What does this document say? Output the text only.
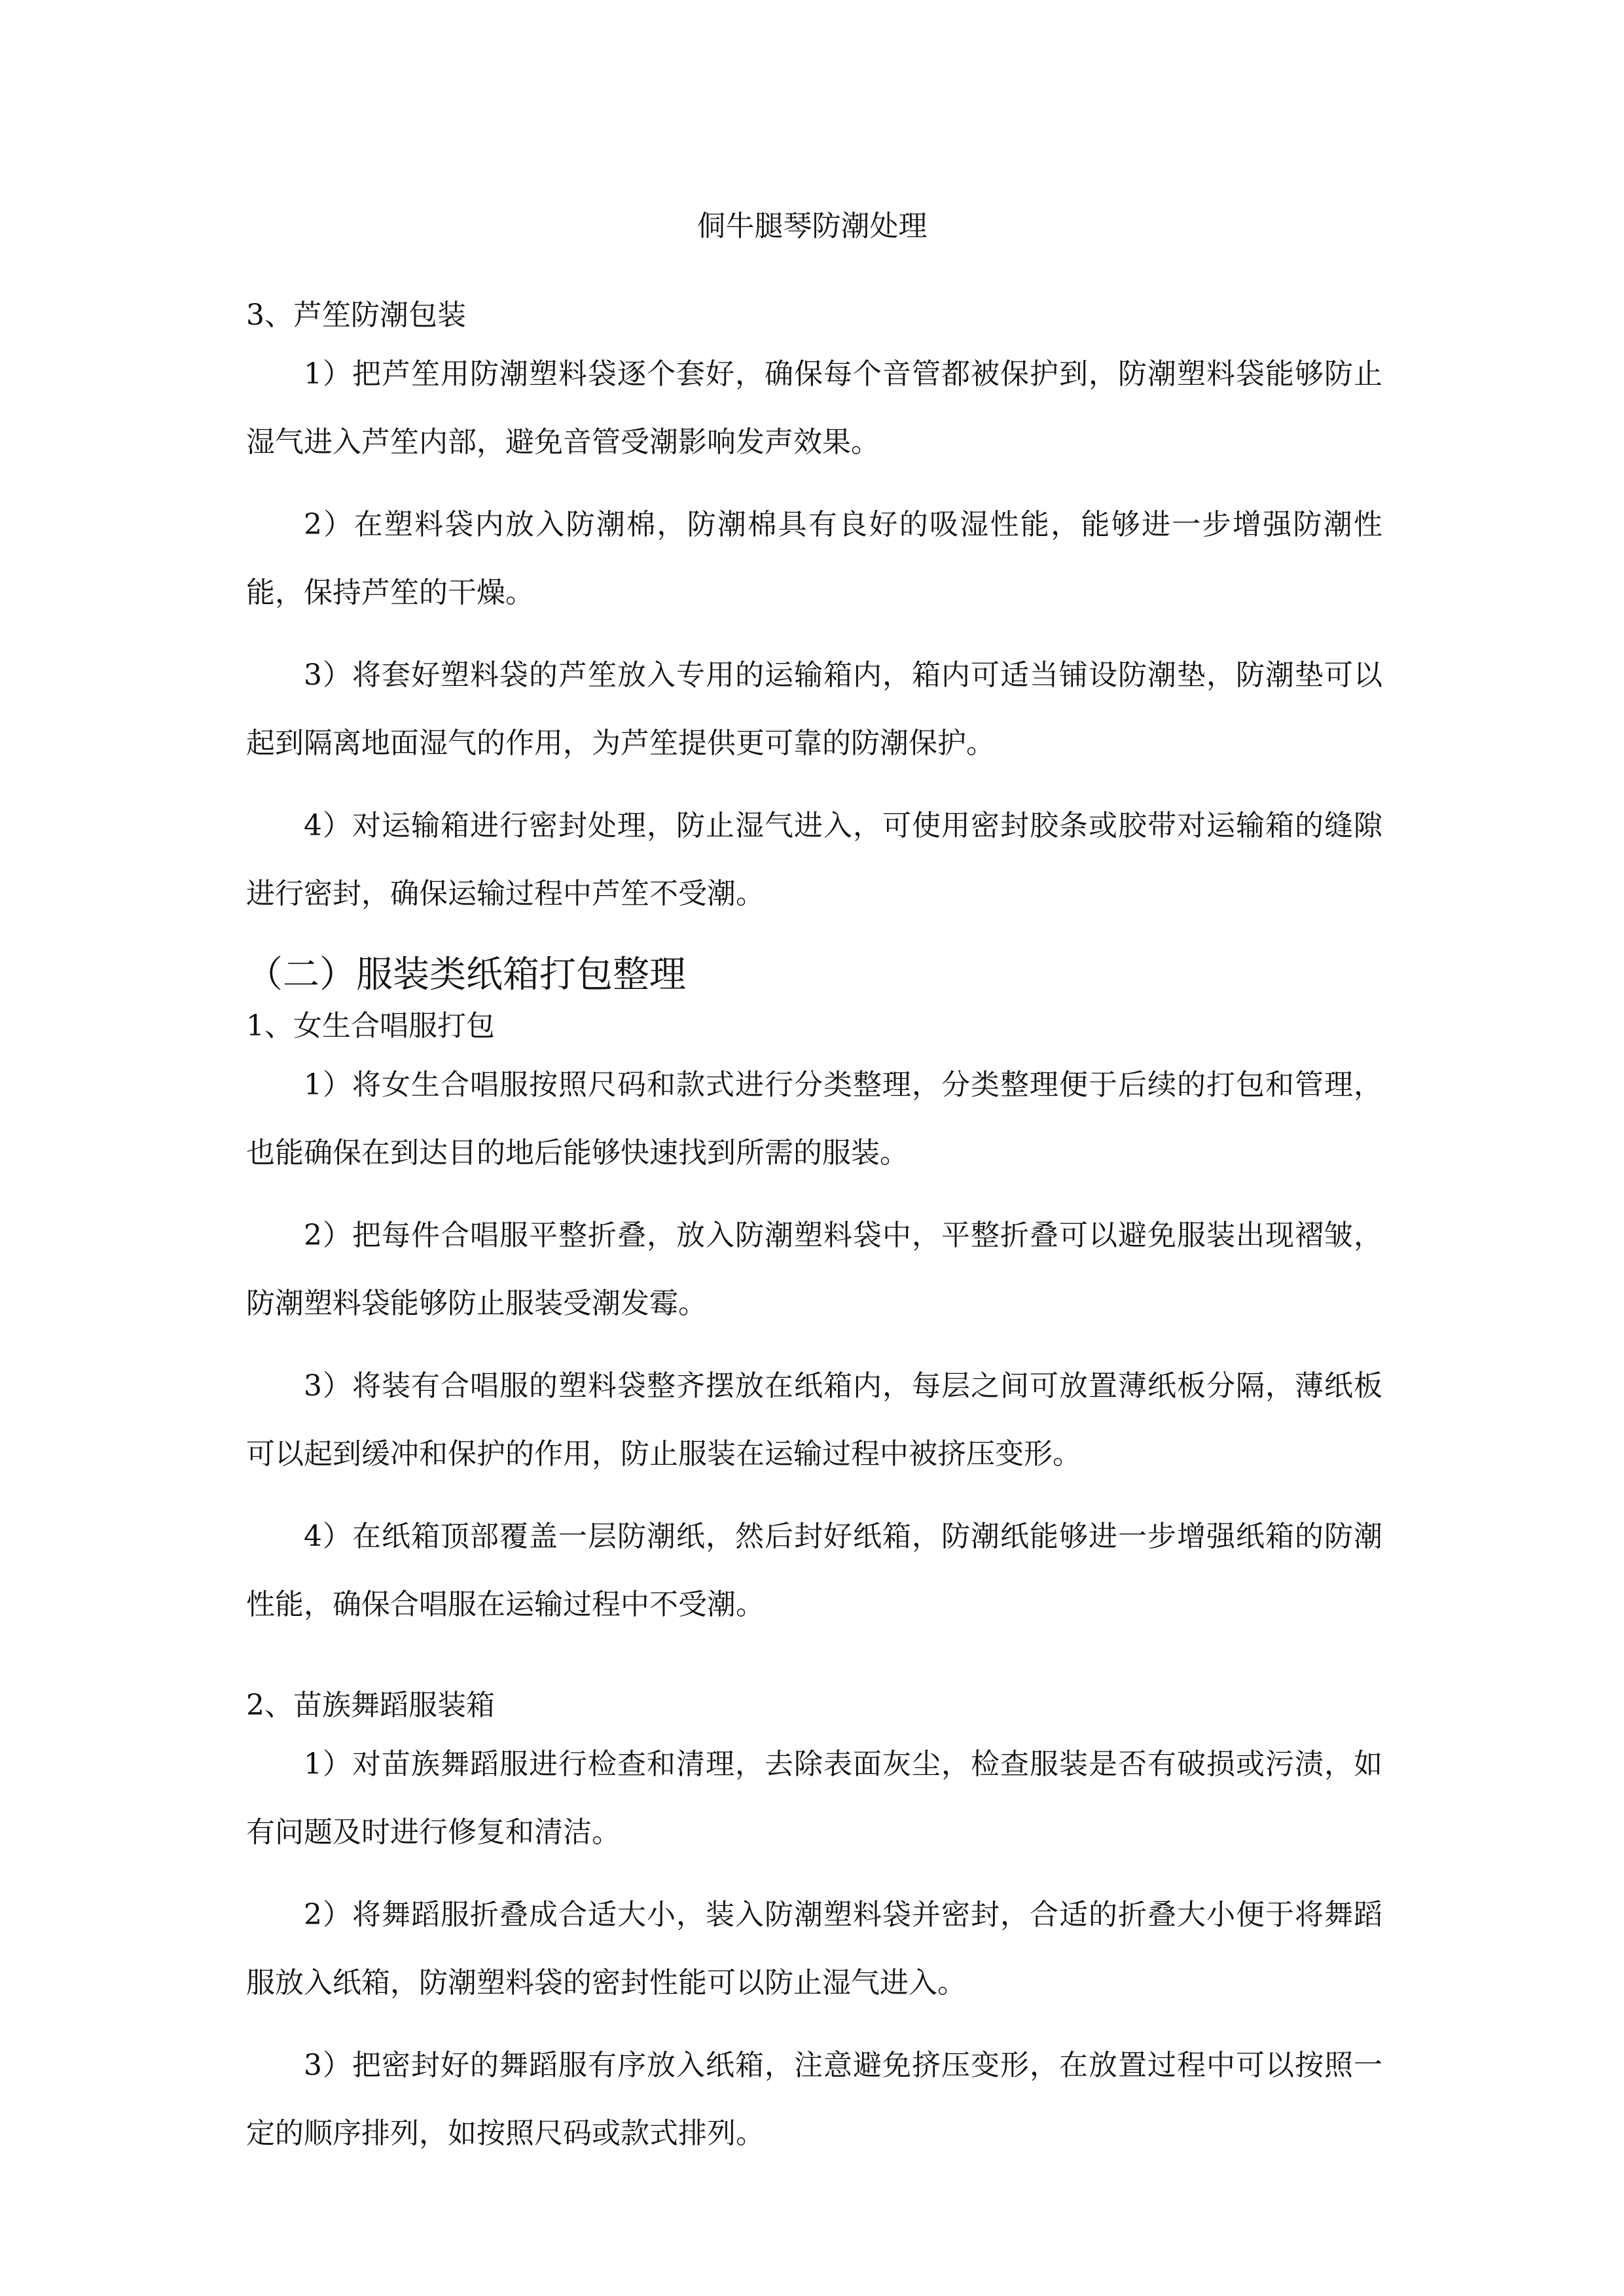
侗牛腿琴防潮处理
3、芦笙防潮包装

1）把芦笙用防潮塑料袋逐个套好，确保每个音管都被保护到，防潮塑料袋能够防止湿气进入芦笙内部，避免音管受潮影响发声效果。

2）在塑料袋内放入防潮棉，防潮棉具有良好的吸湿性能，能够进一步增强防潮性能，保持芦笙的干燥。

3）将套好塑料袋的芦笙放入专用的运输箱内，箱内可适当铺设防潮垫，防潮垫可以起到隔离地面湿气的作用，为芦笙提供更可靠的防潮保护。

4）对运输箱进行密封处理，防止湿气进入，可使用密封胶条或胶带对运输箱的缝隙进行密封，确保运输过程中芦笙不受潮。

（二）服装类纸箱打包整理
1、女生合唱服打包

1）将女生合唱服按照尺码和款式进行分类整理，分类整理便于后续的打包和管理，也能确保在到达目的地后能够快速找到所需的服装。

2）把每件合唱服平整折叠，放入防潮塑料袋中，平整折叠可以避免服装出现褶皱，防潮塑料袋能够防止服装受潮发霉。

3）将装有合唱服的塑料袋整齐摆放在纸箱内，每层之间可放置薄纸板分隔，薄纸板可以起到缓冲和保护的作用，防止服装在运输过程中被挤压变形。

4）在纸箱顶部覆盖一层防潮纸，然后封好纸箱，防潮纸能够进一步增强纸箱的防潮性能，确保合唱服在运输过程中不受潮。

2、苗族舞蹈服装箱

1）对苗族舞蹈服进行检查和清理，去除表面灰尘，检查服装是否有破损或污渍，如有问题及时进行修复和清洁。

2）将舞蹈服折叠成合适大小，装入防潮塑料袋并密封，合适的折叠大小便于将舞蹈服放入纸箱，防潮塑料袋的密封性能可以防止湿气进入。

3）把密封好的舞蹈服有序放入纸箱，注意避免挤压变形，在放置过程中可以按照一定的顺序排列，如按照尺码或款式排列。
